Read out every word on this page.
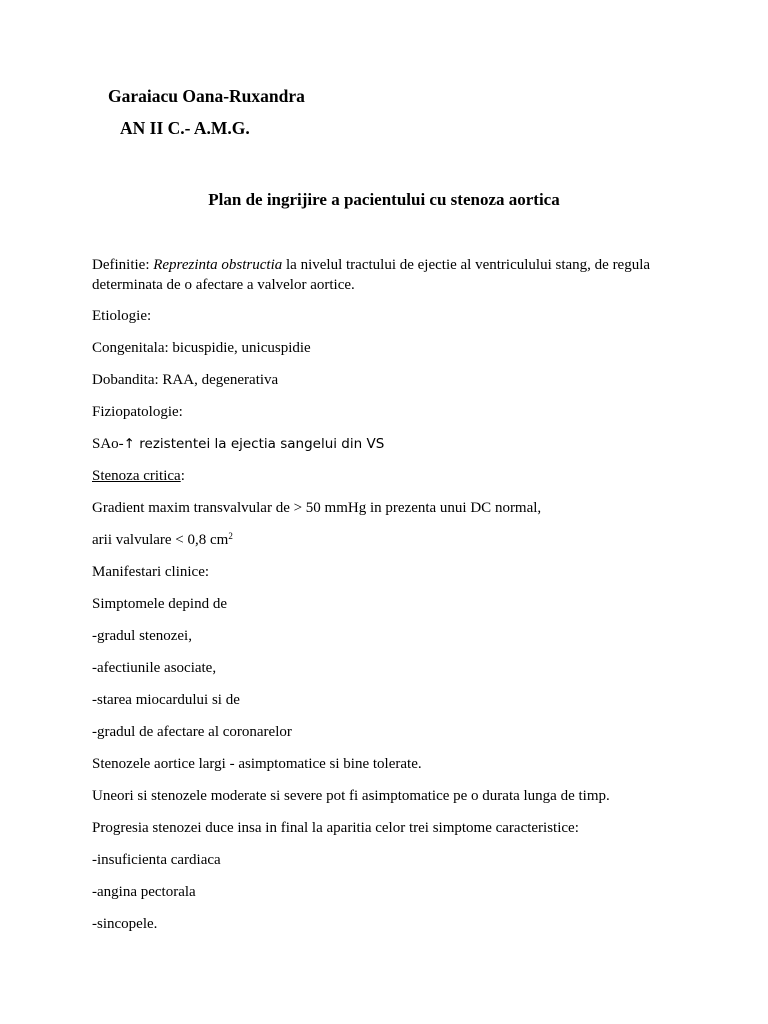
Garaiacu Oana-Ruxandra
AN II C.- A.M.G.
Plan de ingrijire a pacientului cu stenoza aortica

Definitie: Reprezinta obstructia la nivelul tractului de ejectie al ventriculului stang, de regula determinata de o afectare a valvelor aortice.

Etiologie:

Congenitala: bicuspidie, unicuspidie

Dobandita: RAA, degenerativa

Fiziopatologie:

SAo-↑ rezistentei la ejectia sangelui din VS

Stenoza critica:

Gradient maxim transvalvular de > 50 mmHg in prezenta unui DC normal,

arii valvulare < 0,8 $cm^2$

Manifestari clinice:

Simptomele depind de

-gradul stenozei,

-afectiunile asociate,

-starea miocardului si de

-gradul de afectare al coronarelor

Stenozele aortice largi - asimptomatice si bine tolerate.

Uneori si stenozele moderate si severe pot fi asimptomatice pe o durata lunga de timp.

Progresia stenozei duce insa in final la aparitia celor trei simptome caracteristice:

-insuficienta cardiaca

-angina pectorala

-sincopele.
